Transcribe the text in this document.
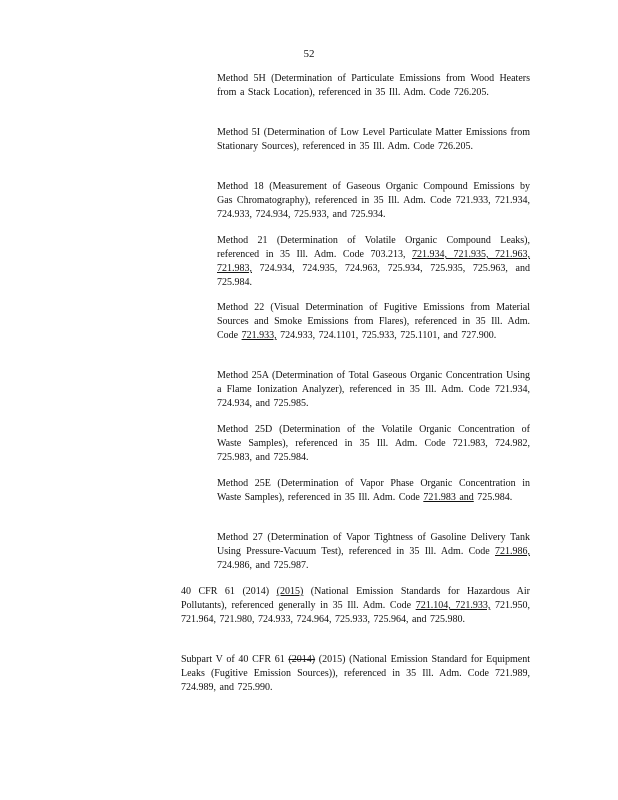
52

Method 5H (Determination of Particulate Emissions from Wood Heaters from a Stack Location), referenced in 35 Ill. Adm. Code 726.205.

Method 5I (Determination of Low Level Particulate Matter Emissions from Stationary Sources), referenced in 35 Ill. Adm. Code 726.205.

Method 18 (Measurement of Gaseous Organic Compound Emissions by Gas Chromatography), referenced in 35 Ill. Adm. Code 721.933, 721.934, 724.933, 724.934, 725.933, and 725.934.

Method 21 (Determination of Volatile Organic Compound Leaks), referenced in 35 Ill. Adm. Code 703.213, 721.934, 721.935, 721.963, 721.983, 724.934, 724.935, 724.963, 725.934, 725.935, 725.963, and 725.984.

Method 22 (Visual Determination of Fugitive Emissions from Material Sources and Smoke Emissions from Flares), referenced in 35 Ill. Adm. Code 721.933, 724.933, 724.1101, 725.933, 725.1101, and 727.900.

Method 25A (Determination of Total Gaseous Organic Concentration Using a Flame Ionization Analyzer), referenced in 35 Ill. Adm. Code 721.934, 724.934, and 725.985.

Method 25D (Determination of the Volatile Organic Concentration of Waste Samples), referenced in 35 Ill. Adm. Code 721.983, 724.982, 725.983, and 725.984.

Method 25E (Determination of Vapor Phase Organic Concentration in Waste Samples), referenced in 35 Ill. Adm. Code 721.983 and 725.984.

Method 27 (Determination of Vapor Tightness of Gasoline Delivery Tank Using Pressure-Vacuum Test), referenced in 35 Ill. Adm. Code 721.986, 724.986, and 725.987.

40 CFR 61 (2014) (2015) (National Emission Standards for Hazardous Air Pollutants), referenced generally in 35 Ill. Adm. Code 721.104, 721.933, 721.950, 721.964, 721.980, 724.933, 724.964, 725.933, 725.964, and 725.980.

Subpart V of 40 CFR 61 (2014) (2015) (National Emission Standard for Equipment Leaks (Fugitive Emission Sources)), referenced in 35 Ill. Adm. Code 721.989, 724.989, and 725.990.
